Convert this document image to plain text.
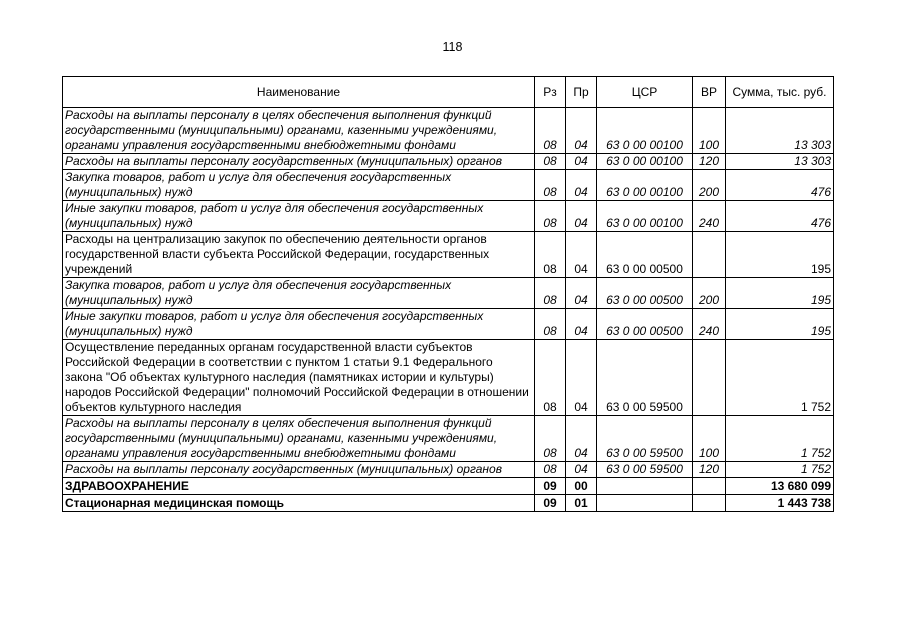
118
Наименование	Рз	Пр	ЦСР	ВР	Сумма, тыс. руб.
Расходы на выплаты персоналу в целях обеспечения выполнения функций государственными (муниципальными) органами, казенными учреждениями, органами управления государственными внебюджетными фондами	08	04	63 0 00 00100	100	13 303
Расходы на выплаты персоналу государственных (муниципальных) органов	08	04	63 0 00 00100	120	13 303
Закупка товаров, работ и услуг для обеспечения государственных (муниципальных) нужд	08	04	63 0 00 00100	200	476
Иные закупки товаров, работ и услуг для обеспечения государственных (муниципальных) нужд	08	04	63 0 00 00100	240	476
Расходы на централизацию закупок по обеспечению деятельности органов государственной власти субъекта Российской Федерации, государственных учреждений	08	04	63 0 00 00500		195
Закупка товаров, работ и услуг для обеспечения государственных (муниципальных) нужд	08	04	63 0 00 00500	200	195
Иные закупки товаров, работ и услуг для обеспечения государственных (муниципальных) нужд	08	04	63 0 00 00500	240	195
Осуществление переданных органам государственной власти субъектов Российской Федерации в соответствии с пунктом 1 статьи 9.1 Федерального закона "Об объектах культурного наследия (памятниках истории и культуры) народов Российской Федерации" полномочий Российской Федерации в отношении объектов культурного наследия	08	04	63 0 00 59500		1 752
Расходы на выплаты персоналу в целях обеспечения выполнения функций государственными (муниципальными) органами, казенными учреждениями, органами управления государственными внебюджетными фондами	08	04	63 0 00 59500	100	1 752
Расходы на выплаты персоналу государственных (муниципальных) органов	08	04	63 0 00 59500	120	1 752
ЗДРАВООХРАНЕНИЕ	09	00			13 680 099
Стационарная медицинская помощь	09	01			1 443 738
